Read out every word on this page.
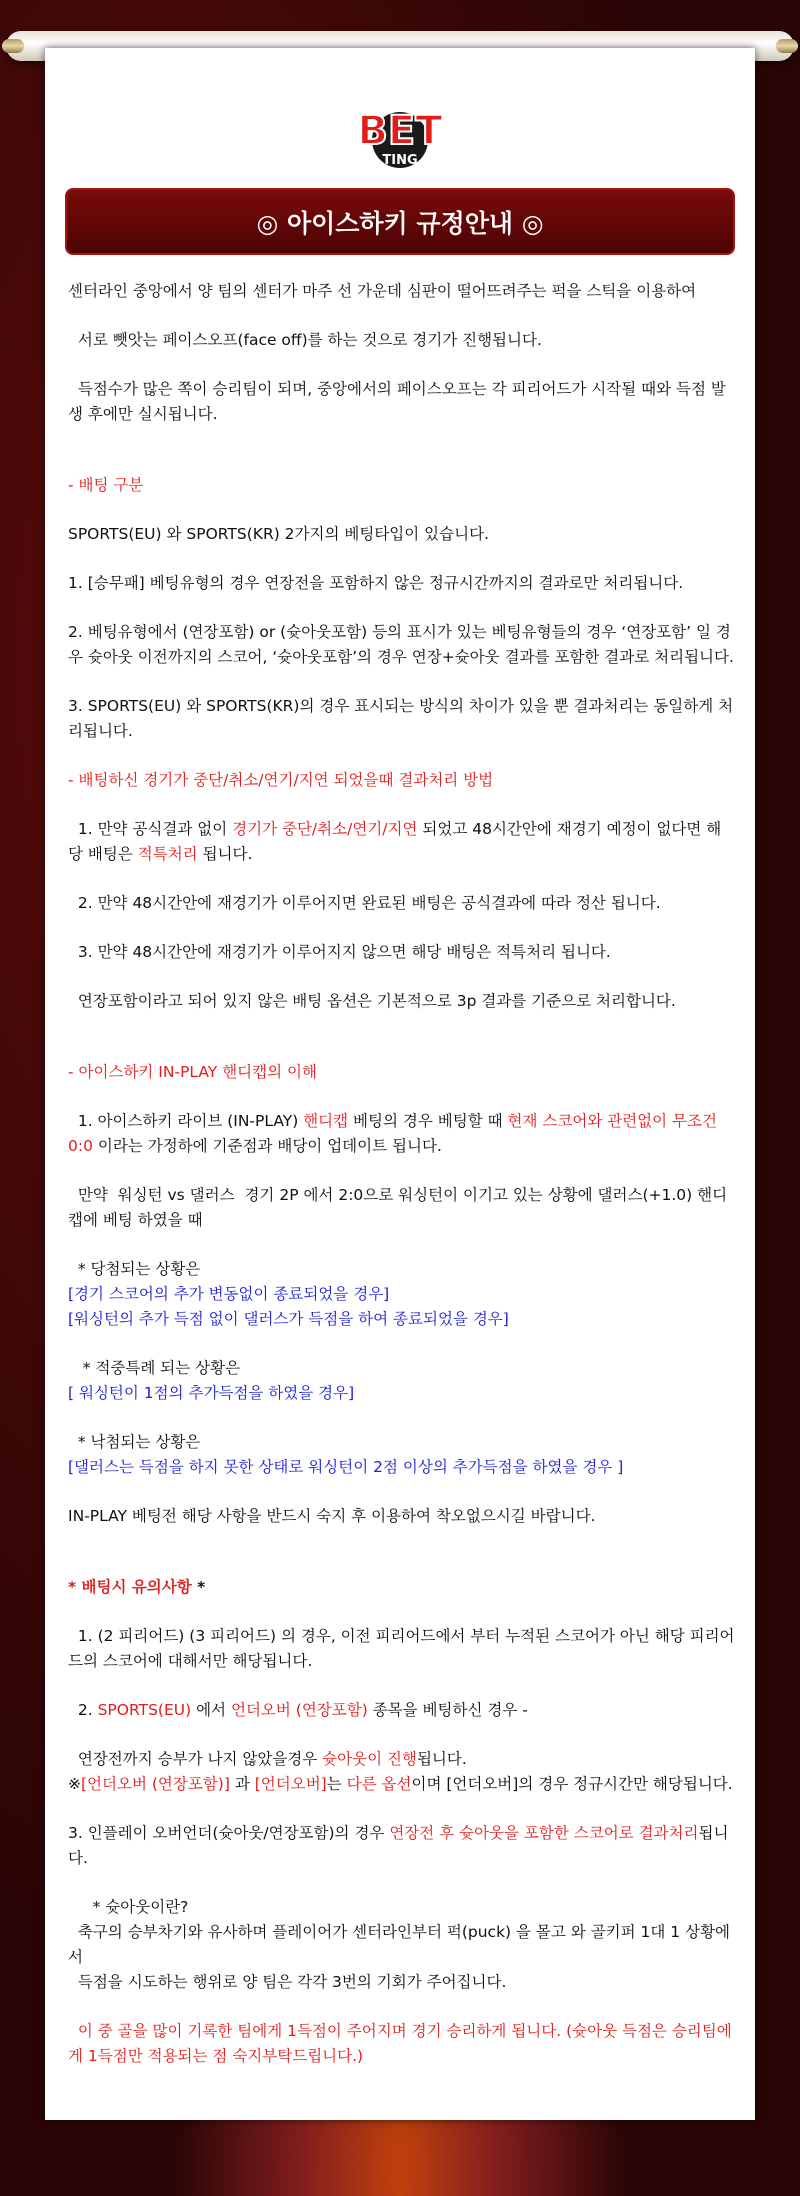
BET
TING
◎ 아이스하키 규정안내 ◎

센터라인 중앙에서 양 팀의 센터가 마주 선 가운데 심판이 떨어뜨려주는 퍽을 스틱을 이용하여

서로 뺏앗는 페이스오프(face off)를 하는 것으로 경기가 진행됩니다.

득점수가 많은 쪽이 승리팀이 되며, 중앙에서의 페이스오프는 각 피리어드가 시작될 때와 득점 발생 후에만 실시됩니다.

- 배팅 구분

SPORTS(EU) 와 SPORTS(KR) 2가지의 베팅타입이 있습니다.

1. [승무패] 베팅유형의 경우 연장전을 포함하지 않은 정규시간까지의 결과로만 처리됩니다.

2. 베팅유형에서 (연장포함) or (슛아웃포함) 등의 표시가 있는 베팅유형들의 경우 ‘연장포함’ 일 경우 슛아웃 이전까지의 스코어, ‘슛아웃포함’의 경우 연장+슛아웃 결과를 포함한 결과로 처리됩니다.

3. SPORTS(EU) 와 SPORTS(KR)의 경우 표시되는 방식의 차이가 있을 뿐 결과처리는 동일하게 처리됩니다.

- 배팅하신 경기가 중단/취소/연기/지연 되었을때 결과처리 방법

1. 만약 공식결과 없이 경기가 중단/취소/연기/지연 되었고 48시간안에 재경기 예정이 없다면 해당 배팅은 적특처리 됩니다.

2. 만약 48시간안에 재경기가 이루어지면 완료된 배팅은 공식결과에 따라 정산 됩니다.

3. 만약 48시간안에 재경기가 이루어지지 않으면 해당 배팅은 적특처리 됩니다.

연장포함이라고 되어 있지 않은 배팅 옵션은 기본적으로 3p 결과를 기준으로 처리합니다.

- 아이스하키 IN-PLAY 핸디캡의 이해

1. 아이스하키 라이브 (IN-PLAY) 핸디캡 베팅의 경우 베팅할 때 현재 스코어와 관련없이 무조건 0:0 이라는 가정하에 기준점과 배당이 업데이트 됩니다.

만약  워싱턴 vs 댈러스  경기 2P 에서 2:0으로 워싱턴이 이기고 있는 상황에 댈러스(+1.0) 핸디캡에 베팅 하였을 때

* 당첨되는 상황은

[경기 스코어의 추가 변동없이 종료되었을 경우]

[워싱턴의 추가 득점 없이 댈러스가 득점을 하여 종료되었을 경우]

* 적중특례 되는 상황은

[ 워싱턴이 1점의 추가득점을 하였을 경우]

* 낙첨되는 상황은

[댈러스는 득점을 하지 못한 상태로 워싱턴이 2점 이상의 추가득점을 하였을 경우 ]

IN-PLAY 베팅전 해당 사항을 반드시 숙지 후 이용하여 착오없으시길 바랍니다.

* 배팅시 유의사항 *

1. (2 피리어드) (3 피리어드) 의 경우, 이전 피리어드에서 부터 누적된 스코어가 아닌 해당 피리어드의 스코어에 대해서만 해당됩니다.

2. SPORTS(EU) 에서 언더오버 (연장포함) 종목을 베팅하신 경우 -

연장전까지 승부가 나지 않았을경우 슛아웃이 진행됩니다.

※[언더오버 (연장포함)] 과 [언더오버]는 다른 옵션이며 [언더오버]의 경우 정규시간만 해당됩니다.

3. 인플레이 오버언더(슛아웃/연장포함)의 경우 연장전 후 슛아웃을 포함한 스코어로 결과처리됩니다.

* 슛아웃이란?

축구의 승부차기와 유사하며 플레이어가 센터라인부터 퍽(puck) 을 몰고 와 골키퍼 1대 1 상황에서
득점을 시도하는 행위로 양 팀은 각각 3번의 기회가 주어집니다.

이 중 골을 많이 기록한 팀에게 1득점이 주어지며 경기 승리하게 됩니다. (슛아웃 득점은 승리팀에게 1득점만 적용되는 점 숙지부탁드립니다.)
